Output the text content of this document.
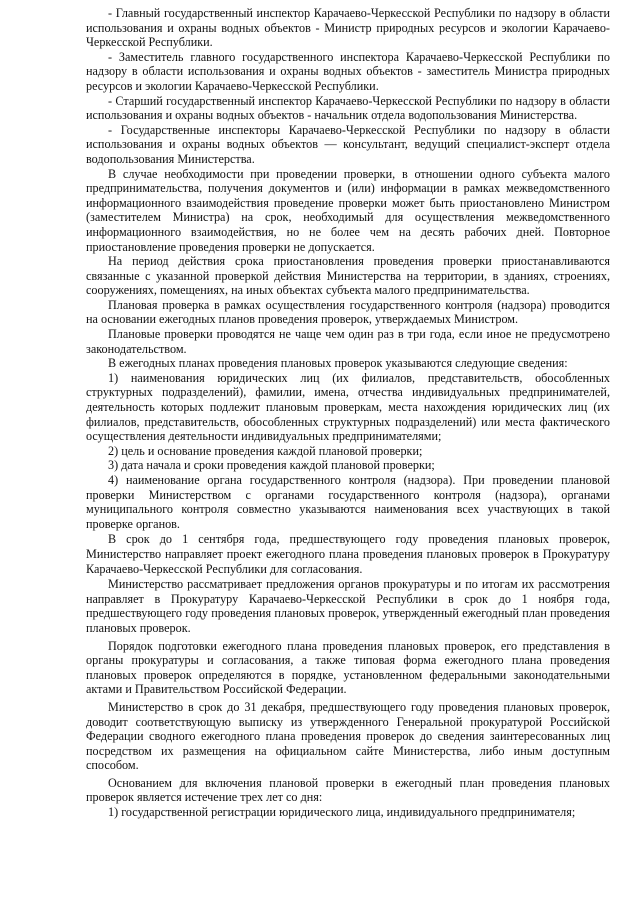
- Главный государственный инспектор Карачаево-Черкесской Республики по надзору в области использования и охраны водных объектов - Министр природных ресурсов и экологии Карачаево-Черкесской Республики.

- Заместитель главного государственного инспектора Карачаево-Черкесской Республики по надзору в области использования и охраны водных объектов - заместитель Министра природных ресурсов и экологии Карачаево-Черкесской Республики.

- Старший государственный инспектор Карачаево-Черкесской Республики по надзору в области использования и охраны водных объектов - начальник отдела водопользования Министерства.

- Государственные инспекторы Карачаево-Черкесской Республики по надзору в области использования и охраны водных объектов — консультант, ведущий специалист-эксперт отдела водопользования Министерства.

В случае необходимости при проведении проверки, в отношении одного субъекта малого предпринимательства, получения документов и (или) информации в рамках межведомственного информационного взаимодействия проведение проверки может быть приостановлено Министром (заместителем Министра) на срок, необходимый для осуществления межведомственного информационного взаимодействия, но не более чем на десять рабочих дней. Повторное приостановление проведения проверки не допускается.

На период действия срока приостановления проведения проверки приостанавливаются связанные с указанной проверкой действия Министерства на территории, в зданиях, строениях, сооружениях, помещениях, на иных объектах субъекта малого предпринимательства.

Плановая проверка в рамках осуществления государственного контроля (надзора) проводится на основании ежегодных планов проведения проверок, утверждаемых Министром.

Плановые проверки проводятся не чаще чем один раз в три года, если иное не предусмотрено законодательством.

В ежегодных планах проведения плановых проверок указываются следующие сведения:

1) наименования юридических лиц (их филиалов, представительств, обособленных структурных подразделений), фамилии, имена, отчества индивидуальных предпринимателей, деятельность которых подлежит плановым проверкам, места нахождения юридических лиц (их филиалов, представительств, обособленных структурных подразделений) или места фактического осуществления деятельности индивидуальных предпринимателями;

2) цель и основание проведения каждой плановой проверки;

3) дата начала и сроки проведения каждой плановой проверки;

4) наименование органа государственного контроля (надзора). При проведении плановой проверки Министерством с органами государственного контроля (надзора), органами муниципального контроля совместно указываются наименования всех участвующих в такой проверке органов.

В срок до 1 сентября года, предшествующего году проведения плановых проверок, Министерство направляет проект ежегодного плана проведения плановых проверок в Прокуратуру Карачаево-Черкесской Республики для согласования.

Министерство рассматривает предложения органов прокуратуры и по итогам их рассмотрения направляет в Прокуратуру Карачаево-Черкесской Республики в срок до 1 ноября года, предшествующего году проведения плановых проверок, утвержденный ежегодный план проведения плановых проверок.

Порядок подготовки ежегодного плана проведения плановых проверок, его представления в органы прокуратуры и согласования, а также типовая форма ежегодного плана проведения плановых проверок определяются в порядке, установленном федеральными законодательными актами и Правительством Российской Федерации.

Министерство в срок до 31 декабря, предшествующего году проведения плановых проверок, доводит соответствующую выписку из утвержденного Генеральной прокуратурой Российской Федерации сводного ежегодного плана проведения проверок до сведения заинтересованных лиц посредством их размещения на официальном сайте Министерства, либо иным доступным способом.

Основанием для включения плановой проверки в ежегодный план проведения плановых проверок является истечение трех лет со дня:

1) государственной регистрации юридического лица, индивидуального предпринимателя;
